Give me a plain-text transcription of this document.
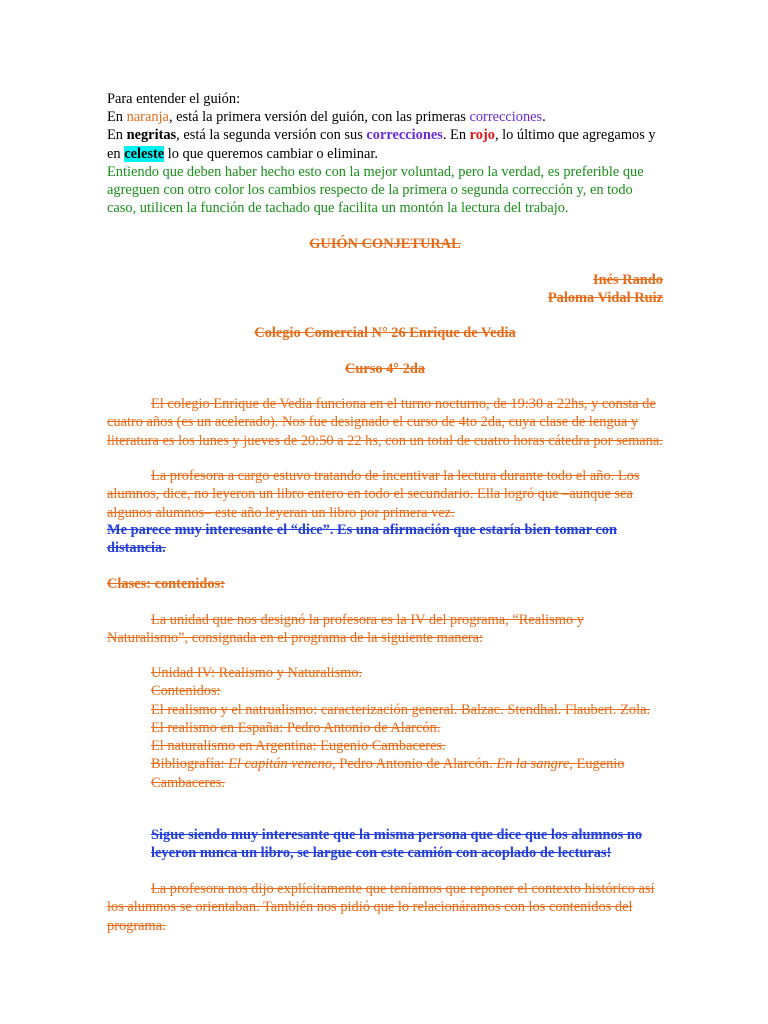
Para entender el guión:

En naranja, está la primera versión del guión, con las primeras correcciones.

En negritas, está la segunda versión con sus correcciones. En rojo, lo último que agregamos y en celeste lo que queremos cambiar o eliminar.

Entiendo que deben haber hecho esto con la mejor voluntad, pero la verdad, es preferible que agreguen con otro color los cambios respecto de la primera o segunda corrección y, en todo caso, utilicen la función de tachado que facilita un montón la lectura del trabajo.

GUIÓN CONJETURAL

Inés Rando

Paloma Vidal Ruiz

Colegio Comercial N° 26 Enrique de Vedia

Curso 4° 2da

El colegio Enrique de Vedia funciona en el turno nocturno, de 19:30 a 22hs, y consta de cuatro años (es un acelerado). Nos fue designado el curso de 4to 2da, cuya clase de lengua y literatura es los lunes y jueves de 20:50 a 22 hs, con un total de cuatro horas cátedra por semana.

La profesora a cargo estuvo tratando de incentivar la lectura durante todo el año. Los alumnos, dice, no leyeron un libro entero en todo el secundario. Ella logró que –aunque sea algunos alumnos– este año leyeran un libro por primera vez.

Me parece muy interesante el “dice”. Es una afirmación que estaría bien tomar con distancia.

Clases: contenidos:

La unidad que nos designó la profesora es la IV del programa, “Realismo y Naturalismo”, consignada en el programa de la siguiente manera:

Unidad IV: Realismo y Naturalismo.
Contenidos:
El realismo y el natrualismo: caracterización general. Balzac. Stendhal. Flaubert. Zola.
El realismo en España: Pedro Antonio de Alarcón.
El naturalismo en Argentina: Eugenio Cambaceres.
Bibliografía: El capitán veneno, Pedro Antonio de Alarcón. En la sangre, Eugenio Cambaceres.

Sigue siendo muy interesante que la misma persona que dice que los alumnos no leyeron nunca un libro, se largue con este camión con acoplado de lecturas!

La profesora nos dijo explícitamente que teníamos que reponer el contexto histórico así los alumnos se orientaban. También nos pidió que lo relacionáramos con los contenidos del programa.
